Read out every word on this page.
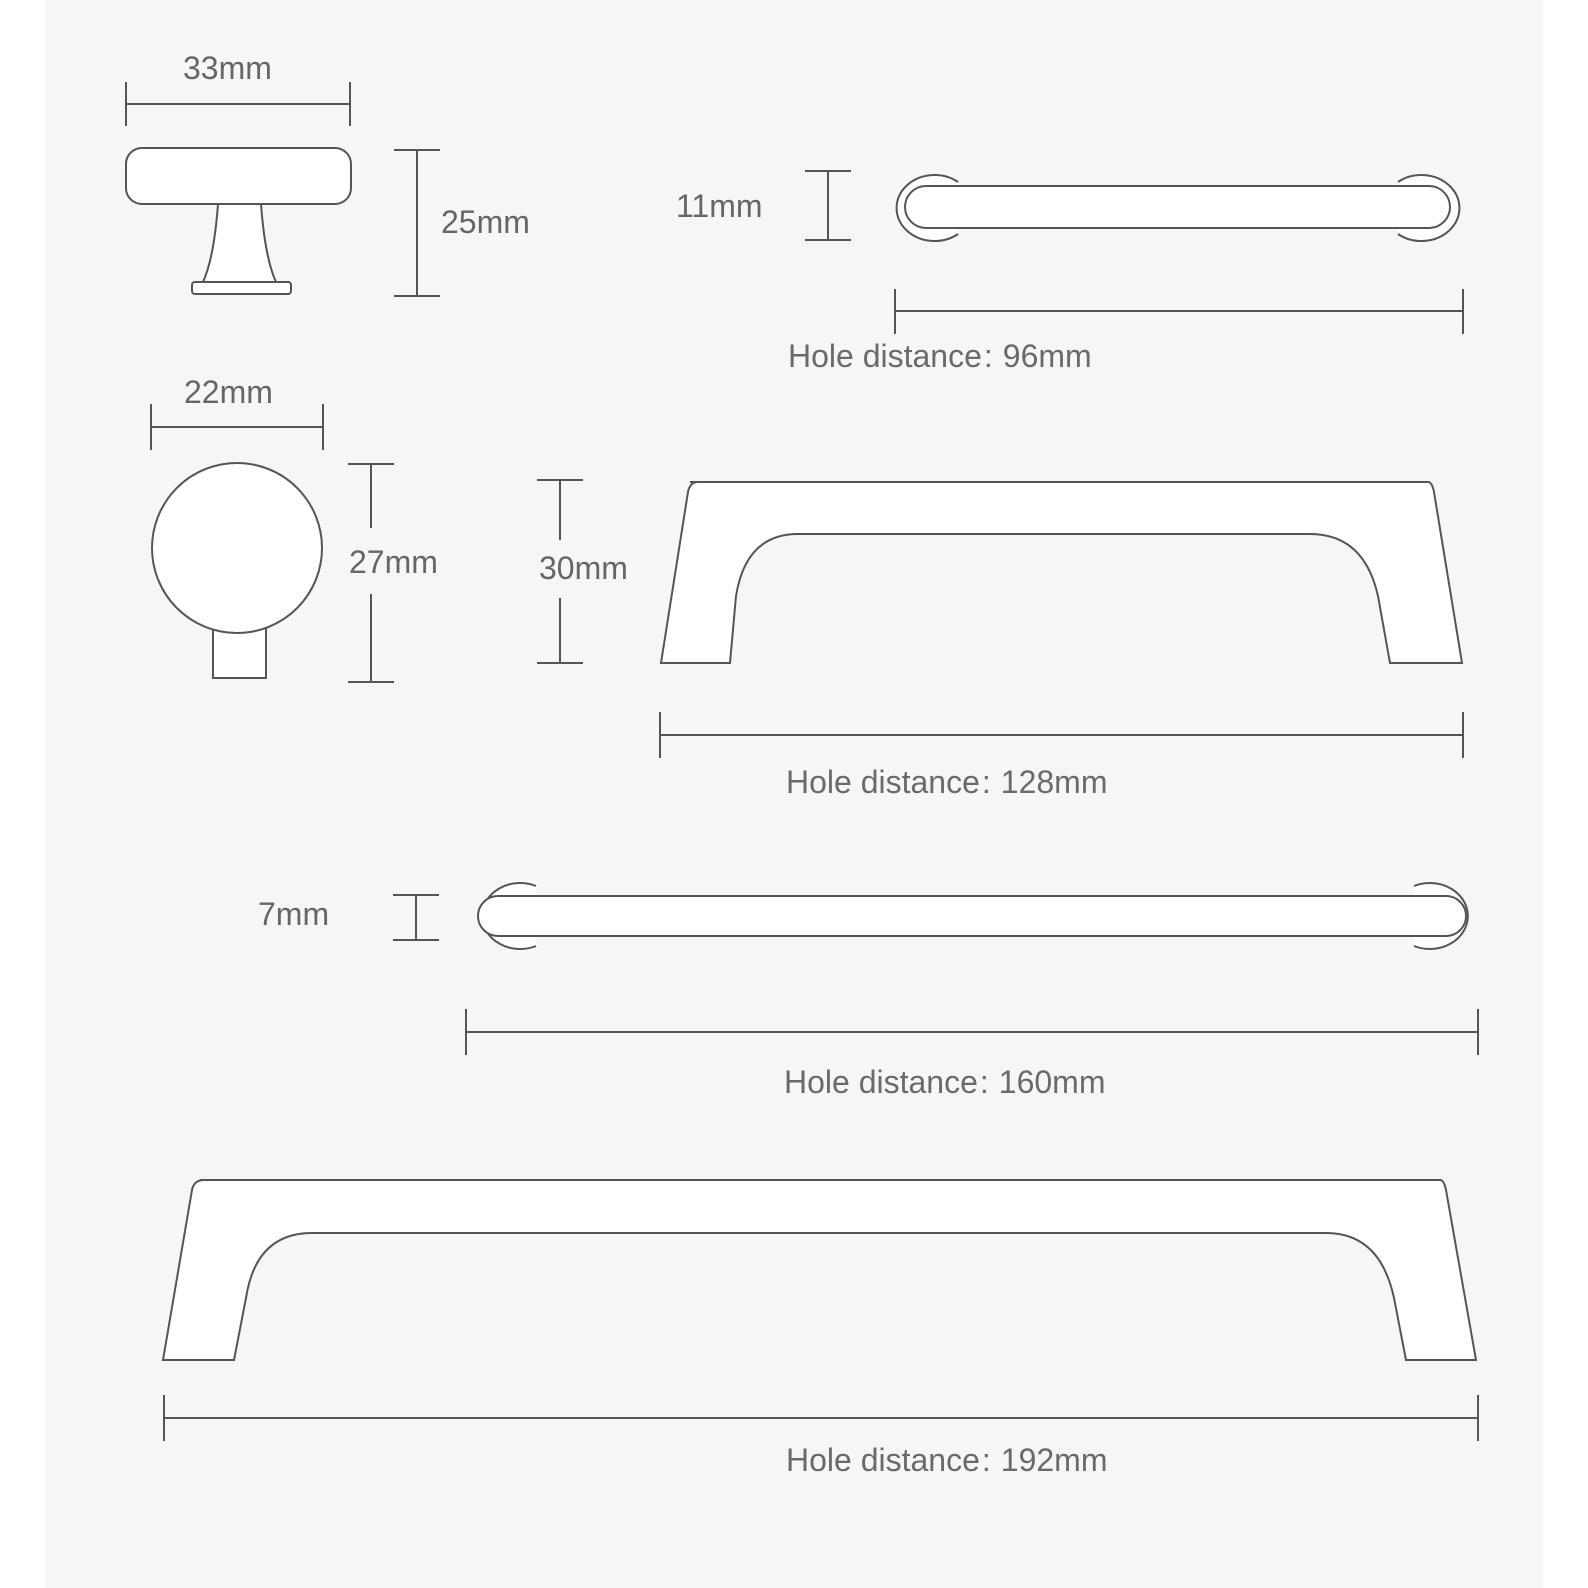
33mm
25mm
22mm
27mm
11mm
Hole distance: 96mm
30mm
Hole distance: 128mm
7mm
Hole distance: 160mm
Hole distance: 192mm
